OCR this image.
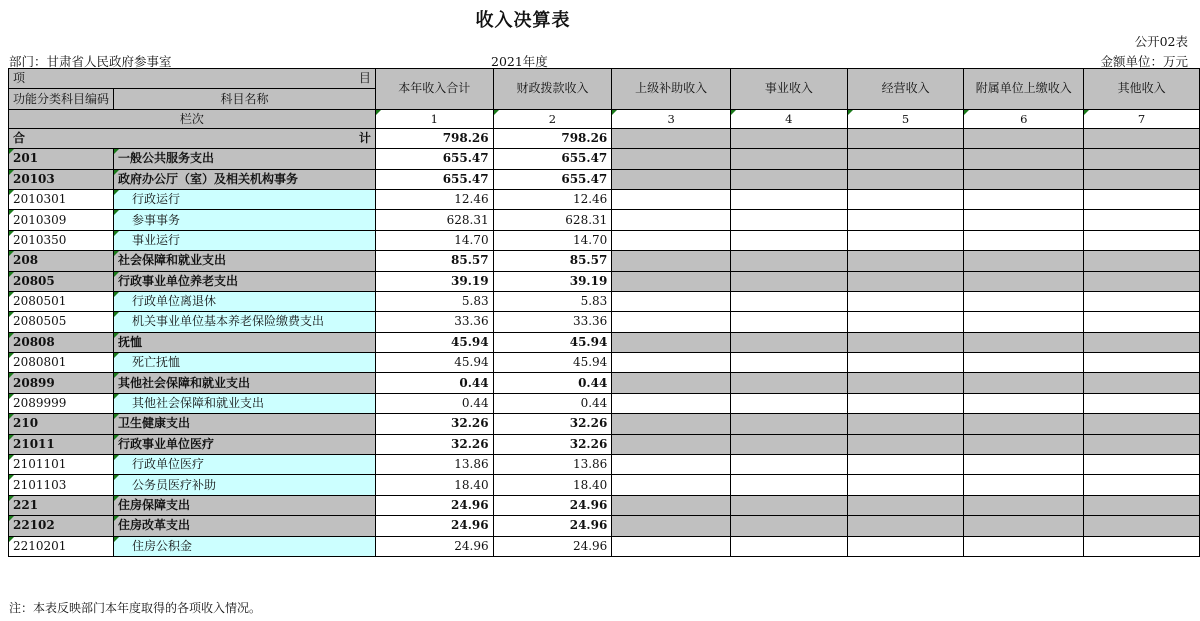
收入决算表
公开02表
部门：甘肃省人民政府参事室	2021年度	金额单位：万元
项 目		本年收入合计	财政拨款收入	上级补助收入	事业收入	经营收入	附属单位上缴收入	其他收入
功能分类科目编码	科目名称							
栏次		1	2	3	4	5	6	7

合 计		798.26	798.26					

201	一般公共服务支出	655.47	655.47					

20103	政府办公厅（室）及相关机构事务	655.47	655.47					

2010301	行政运行	12.46	12.46					

2010309	参事事务	628.31	628.31					

2010350	事业运行	14.70	14.70					

208	社会保障和就业支出	85.57	85.57					

20805	行政事业单位养老支出	39.19	39.19					

2080501	行政单位离退休	5.83	5.83					

2080505	机关事业单位基本养老保险缴费支出	33.36	33.36					

20808	抚恤	45.94	45.94					

2080801	死亡抚恤	45.94	45.94					

20899	其他社会保障和就业支出	0.44	0.44					

2089999	其他社会保障和就业支出	0.44	0.44					

210	卫生健康支出	32.26	32.26					

21011	行政事业单位医疗	32.26	32.26					

2101101	行政单位医疗	13.86	13.86					

2101103	公务员医疗补助	18.40	18.40					

221	住房保障支出	24.96	24.96					

22102	住房改革支出	24.96	24.96					

2210201	住房公积金	24.96	24.96					
注：本表反映部门本年度取得的各项收入情况。
